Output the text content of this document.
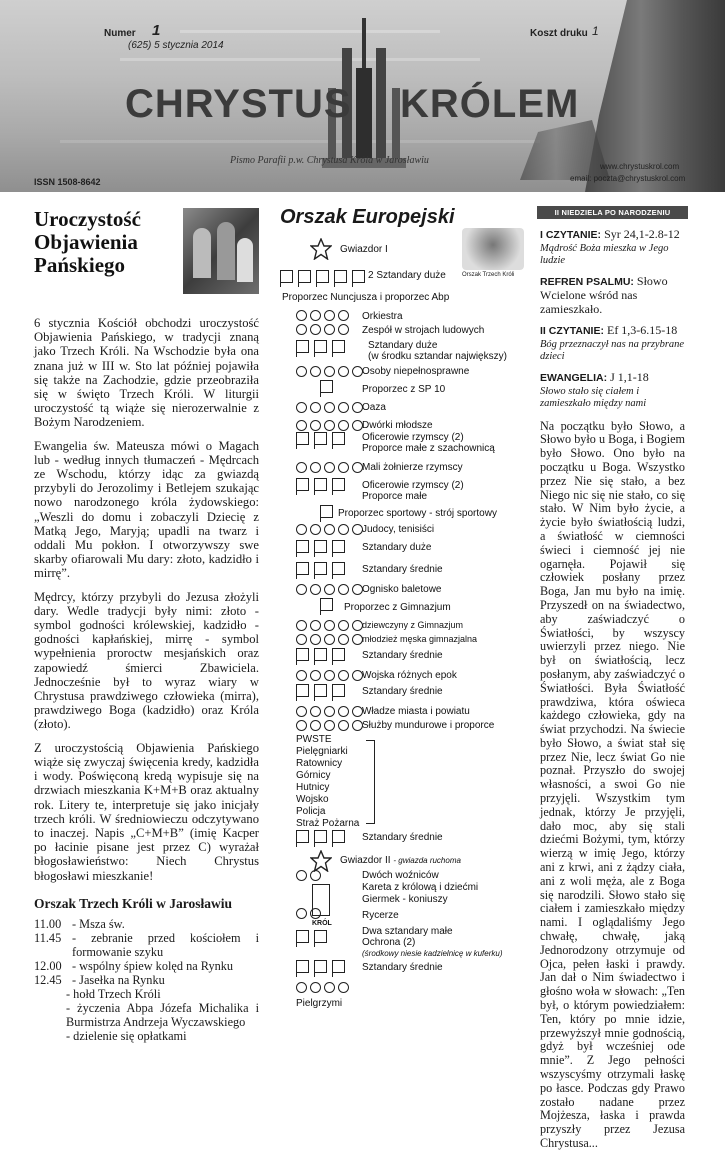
Numer 1
(625) 5 stycznia 2014
Koszt druku 1
CHRYSTUS KRÓLEM
Pismo Parafii p.w. Chrystusa Króla w Jarosławiu
ISSN 1508-8642
www.chrystuskrol.com
email: poczta@chrystuskrol.com
Uroczystość Objawienia Pańskiego

6 stycznia Kościół obchodzi uroczystość Objawienia Pańskiego, w tradycji znaną jako Trzech Króli. Na Wschodzie była ona znana już w III w. Sto lat później pojawiła się także na Zachodzie, gdzie przeobraziła się w święto Trzech Króli. W liturgii uroczystość tą wiąże się nierozerwalnie z Bożym Narodzeniem.

Ewangelia św. Mateusza mówi o Magach lub - według innych tłumaczeń - Mędrcach ze Wschodu, którzy idąc za gwiazdą przybyli do Jerozolimy i Betlejem szukając nowo narodzonego króla żydowskiego: „Weszli do domu i zobaczyli Dziecię z Matką Jego, Maryją; upadli na twarz i oddali Mu pokłon. I otworzywszy swe skarby ofiarowali Mu dary: złoto, kadzidło i mirrę”.

Mędrcy, którzy przybyli do Jezusa złożyli dary. Wedle tradycji były nimi: złoto - symbol godności królewskiej, kadzidło - godności kapłańskiej, mirrę - symbol wypełnienia proroctw mesjańskich oraz zapowiedź śmierci Zbawiciela. Jednocześnie był to wyraz wiary w Chrystusa prawdziwego człowieka (mirra), prawdziwego Boga (kadzidło) oraz Króla (złoto).

Z uroczystością Objawienia Pańskiego wiąże się zwyczaj święcenia kredy, kadzidła i wody. Poświęconą kredą wypisuje się na drzwiach mieszkania K+M+B oraz aktualny rok. Litery te, interpretuje się jako inicjały trzech króli. W średniowieczu odczytywano to inaczej. Napis „C+M+B” (imię Kacper po łacinie pisane jest przez C) wyrażał błogosławieństwo: Niech Chrystus błogosławi mieszkanie!

Orszak Trzech Króli w Jarosławiu
11.00 - Msza św.
11.45 - zebranie przed kościołem i formowanie szyku
12.00 - wspólny śpiew kolęd na Rynku
12.45 - Jasełka na Rynku
- hołd Trzech Króli
- życzenia Abpa Józefa Michalika i Burmistrza Andrzeja Wyczawskiego
- dzielenie się opłatkami
Orszak Europejski
Orszak Trzech Króli
Gwiazdor I
2 Sztandary duże
Proporzec Nuncjusza i proporzec Abp
Orkiestra
Zespół w strojach ludowych
Sztandary duże
(w środku sztandar największy)
Osoby niepełnosprawne
Proporzec z SP 10
Oaza
Dwórki młodsze
Oficerowie rzymscy (2)
Proporce małe z szachownicą
Mali żołnierze rzymscy
Oficerowie rzymscy (2)
Proporce małe
Proporzec sportowy - strój sportowy
Judocy, tenisiści
Sztandary duże
Sztandary średnie
Ognisko baletowe
Proporzec z Gimnazjum
dziewczyny z Gimnazjum
młodzież męska gimnazjalna
Sztandary średnie
Wojska różnych epok
Sztandary średnie
Władze miasta i powiatu
Służby mundurowe i proporce
PWSTE
Pielęgniarki
Ratownicy
Górnicy
Hutnicy
Wojsko
Policja
Straż Pożarna
Sztandary średnie
Gwiazdor II - gwiazda ruchoma
Dwóch woźniców
Kareta z królową i dziećmi
Giermek - koniuszy
Rycerze
KRÓL
Dwa sztandary małe
Ochrona (2)
(środkowy niesie kadzielnicę w kuferku)
Sztandary średnie
Pielgrzymi
II NIEDZIELA PO NARODZENIU PAŃSKIM
I CZYTANIE: Syr 24,1-2.8-12
Mądrość Boża mieszka w Jego ludzie
REFREN PSALMU: Słowo Wcielone wśród nas zamieszkało.
II CZYTANIE: Ef 1,3-6.15-18
Bóg przeznaczył nas na przybrane dzieci
EWANGELIA: J 1,1-18
Słowo stało się ciałem i zamieszkało między nami
Na początku było Słowo, a Słowo było u Boga, i Bogiem było Słowo. Ono było na początku u Boga. Wszystko przez Nie się stało, a bez Niego nic się nie stało, co się stało. W Nim było życie, a życie było światłością ludzi, a światłość w ciemności świeci i ciemność jej nie ogarnęła. Pojawił się człowiek posłany przez Boga, Jan mu było na imię. Przyszedł on na świadectwo, aby zaświadczyć o Światłości, by wszyscy uwierzyli przez niego. Nie był on światłością, lecz posłanym, aby zaświadczyć o Światłości. Była Światłość prawdziwa, która oświeca każdego człowieka, gdy na świat przychodzi. Na świecie było Słowo, a świat stał się przez Nie, lecz świat Go nie poznał. Przyszło do swojej własności, a swoi Go nie przyjęli. Wszystkim tym jednak, którzy Je przyjęli, dało moc, aby się stali dziećmi Bożymi, tym, którzy wierzą w imię Jego, którzy ani z krwi, ani z żądzy ciała, ani z woli męża, ale z Boga się narodzili. Słowo stało się ciałem i zamieszkało między nami. I oglądaliśmy Jego chwałę, chwałę, jaką Jednorodzony otrzymuje od Ojca, pełen łaski i prawdy. Jan dał o Nim świadectwo i głośno woła w słowach: „Ten był, o którym powiedziałem: Ten, który po mnie idzie, przewyższył mnie godnością, gdyż był wcześniej ode mnie”. Z Jego pełności wszyscyśmy otrzymali łaskę po łasce. Podczas gdy Prawo zostało nadane przez Mojżesza, łaska i prawda przyszły przez Jezusa Chrystusa...
